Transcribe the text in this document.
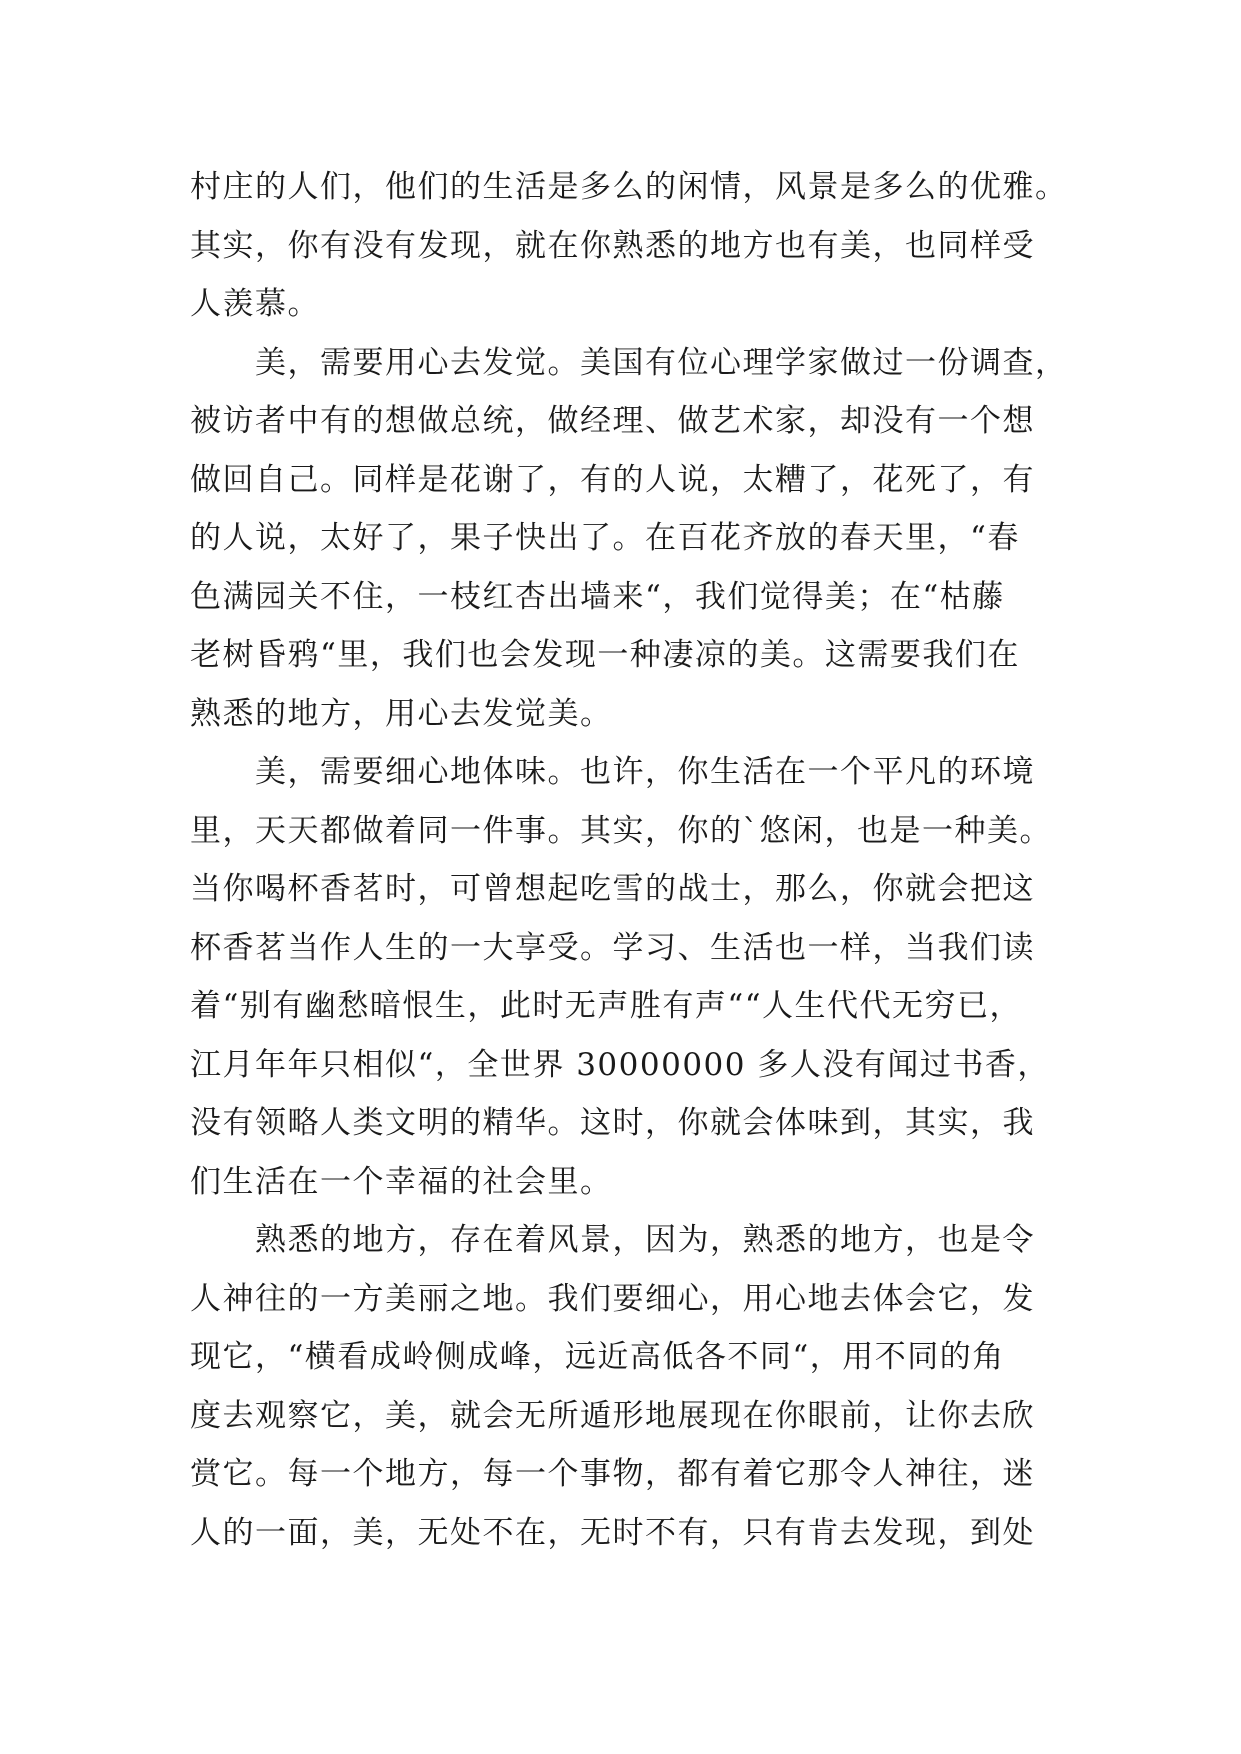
村庄的人们，他们的生活是多么的闲情，风景是多么的优雅。
其实，你有没有发现，就在你熟悉的地方也有美，也同样受
人羡慕。
　　美，需要用心去发觉。美国有位心理学家做过一份调查，
被访者中有的想做总统，做经理、做艺术家，却没有一个想
做回自己。同样是花谢了，有的人说，太糟了，花死了，有
的人说，太好了，果子快出了。在百花齐放的春天里，“春
色满园关不住，一枝红杏出墙来“，我们觉得美；在“枯藤
老树昏鸦“里，我们也会发现一种凄凉的美。这需要我们在
熟悉的地方，用心去发觉美。
　　美，需要细心地体味。也许，你生活在一个平凡的环境
里，天天都做着同一件事。其实，你的`悠闲，也是一种美。
当你喝杯香茗时，可曾想起吃雪的战士，那么，你就会把这
杯香茗当作人生的一大享受。学习、生活也一样，当我们读
着“别有幽愁暗恨生，此时无声胜有声““人生代代无穷已，
江月年年只相似“，全世界 30000000 多人没有闻过书香，
没有领略人类文明的精华。这时，你就会体味到，其实，我
们生活在一个幸福的社会里。
　　熟悉的地方，存在着风景，因为，熟悉的地方，也是令
人神往的一方美丽之地。我们要细心，用心地去体会它，发
现它，“横看成岭侧成峰，远近高低各不同“，用不同的角
度去观察它，美，就会无所遁形地展现在你眼前，让你去欣
赏它。每一个地方，每一个事物，都有着它那令人神往，迷
人的一面，美，无处不在，无时不有，只有肯去发现，到处
